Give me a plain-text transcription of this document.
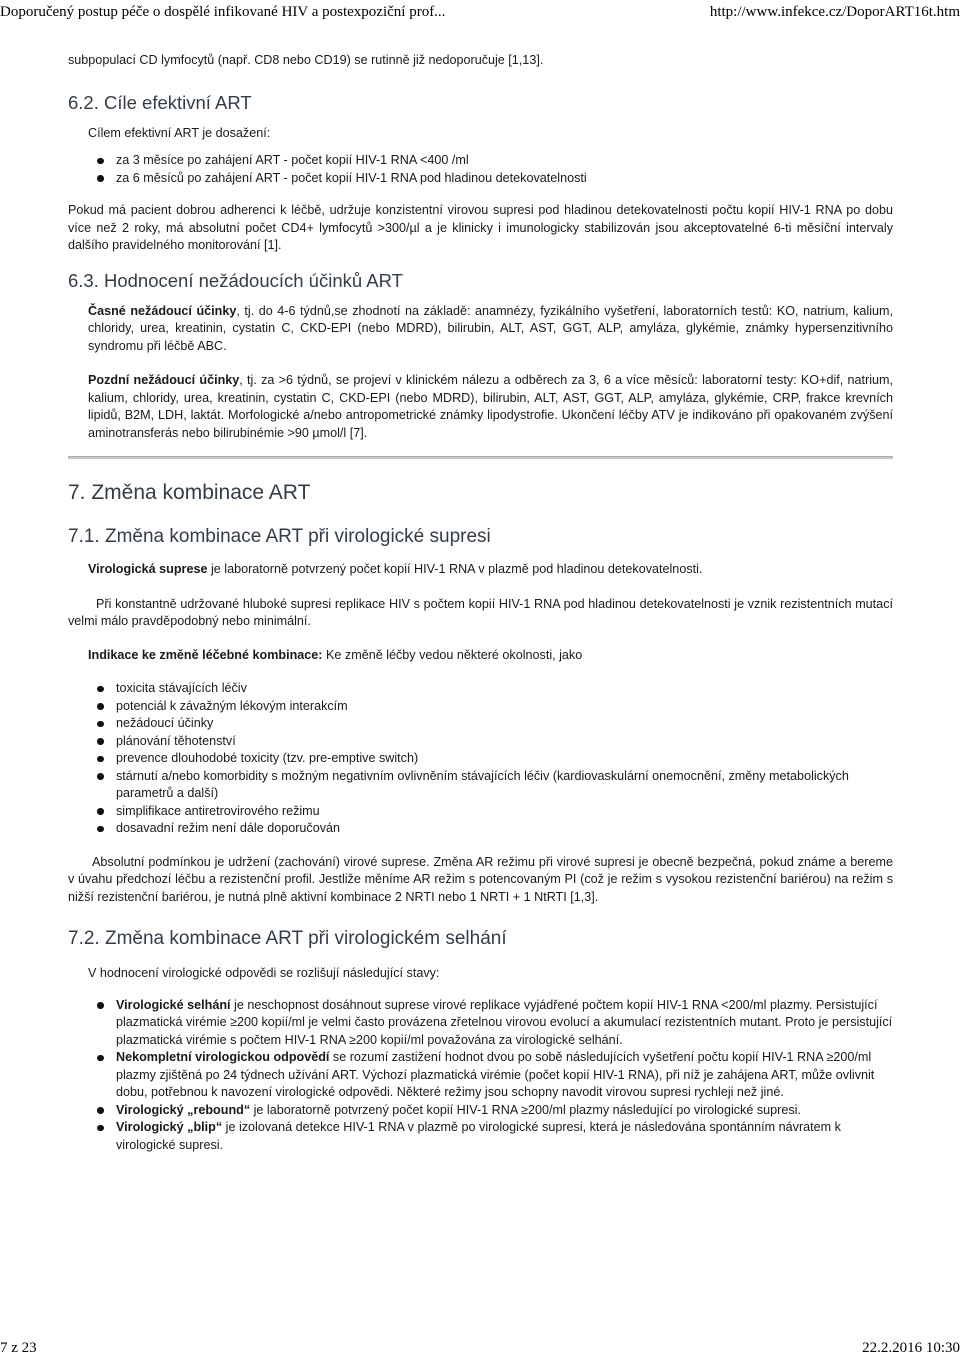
Doporučený postup péče o dospělé infikované HIV a postexpoziční prof...	http://www.infekce.cz/DoporART16t.htm

subpopulací CD lymfocytů (např. CD8 nebo CD19) se rutinně již nedoporučuje [1,13].

6.2. Cíle efektivní ART

Cílem efektivní ART je dosažení:

za 3 měsíce po zahájení ART - počet kopií HIV-1 RNA <400 /ml
za 6 měsíců po zahájení ART - počet kopií HIV-1 RNA pod hladinou detekovatelnosti

Pokud má pacient dobrou adherenci k léčbě, udržuje konzistentní virovou supresi pod hladinou detekovatelnosti počtu kopií HIV-1 RNA po dobu více než 2 roky, má absolutní počet CD4+ lymfocytů >300/µl a je klinicky i imunologicky stabilizován jsou akceptovatelné 6-ti měsíční intervaly dalšího pravidelného monitorování [1].

6.3. Hodnocení nežádoucích účinků ART

Časné nežádoucí účinky, tj. do 4-6 týdnů,se zhodnotí na základě: anamnézy, fyzikálního vyšetření, laboratorních testů: KO, natrium, kalium, chloridy, urea, kreatinin, cystatin C, CKD-EPI (nebo MDRD), bilirubin, ALT, AST, GGT, ALP, amyláza, glykémie, známky hypersenzitivního syndromu při léčbě ABC.

Pozdní nežádoucí účinky, tj. za >6 týdnů, se projeví v klinickém nálezu a odběrech za 3, 6 a více měsíců: laboratorní testy: KO+dif, natrium, kalium, chloridy, urea, kreatinin, cystatin C, CKD-EPI (nebo MDRD), bilirubin, ALT, AST, GGT, ALP, amyláza, glykémie, CRP, frakce krevních lipidů, B2M, LDH, laktát. Morfologické a/nebo antropometrické známky lipodystrofie. Ukončení léčby ATV je indikováno při opakovaném zvýšení aminotransferás nebo bilirubinémie >90 µmol/l [7].

7. Změna kombinace ART
7.1. Změna kombinace ART při virologické supresi

Virologická suprese je laboratorně potvrzený počet kopií HIV-1 RNA v plazmě pod hladinou detekovatelnosti.

Při konstantně udržované hluboké supresi replikace HIV s počtem kopií HIV-1 RNA pod hladinou detekovatelnosti je vznik rezistentních mutací velmi málo pravděpodobný nebo minimální.

Indikace ke změně léčebné kombinace: Ke změně léčby vedou některé okolnosti, jako

toxicita stávajících léčiv
potenciál k závažným lékovým interakcím
nežádoucí účinky
plánování těhotenství
prevence dlouhodobé toxicity (tzv. pre-emptive switch)
stárnutí a/nebo komorbidity s možným negativním ovlivněním stávajících léčiv (kardiovaskulární onemocnění, změny metabolických parametrů a další)
simplifikace antiretrovirového režimu
dosavadní režim není dále doporučován

Absolutní podmínkou je udržení (zachování) virové suprese. Změna AR režimu při virové supresi je obecně bezpečná, pokud známe a bereme v úvahu předchozí léčbu a rezistenční profil. Jestliže měníme AR režim s potencovaným PI (což je režim s vysokou rezistenční bariérou) na režim s nižší rezistenční bariérou, je nutná plně aktivní kombinace 2 NRTI nebo 1 NRTI + 1 NtRTI [1,3].

7.2. Změna kombinace ART při virologickém selhání

V hodnocení virologické odpovědi se rozlišují následující stavy:

Virologické selhání je neschopnost dosáhnout suprese virové replikace vyjádřené počtem kopií HIV-1 RNA <200/ml plazmy. Persistující plazmatická virémie ≥200 kopií/ml je velmi často provázena zřetelnou virovou evolucí a akumulací rezistentních mutant. Proto je persistující plazmatická virémie s počtem HIV-1 RNA ≥200 kopií/ml považována za virologické selhání.
Nekompletní virologickou odpovědí se rozumí zastižení hodnot dvou po sobě následujících vyšetření počtu kopií HIV-1 RNA ≥200/ml plazmy zjištěná po 24 týdnech užívání ART. Výchozí plazmatická virémie (počet kopií HIV-1 RNA), při níž je zahájena ART, může ovlivnit dobu, potřebnou k navození virologické odpovědi. Některé režimy jsou schopny navodit virovou supresi rychleji než jiné.
Virologický „rebound“ je laboratorně potvrzený počet kopií HIV-1 RNA ≥200/ml plazmy následující po virologické supresi.
Virologický „blip“ je izolovaná detekce HIV-1 RNA v plazmě po virologické supresi, která je následována spontánním návratem k virologické supresi.
7 z 23	22.2.2016 10:30
